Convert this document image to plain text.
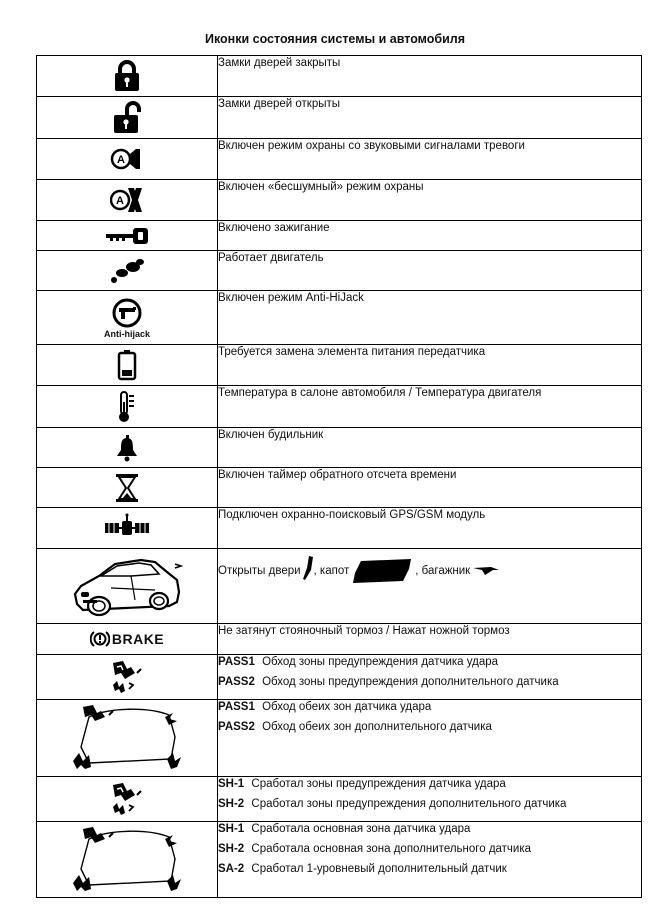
Иконки состояния системы и автомобиля

Замки дверей закрыты

Замки дверей открыты

A	Включен режим охраны со звуковыми сигналами тревоги

A	Включен «бесшумный» режим охраны

Включено зажигание

Работает двигатель

Anti-hijack	Включен режим Anti-HiJack

Требуется замена элемента питания передатчика

Температура в салоне автомобиля / Температура двигателя

Включен будильник

Включен таймер обратного отсчета времени

Подключен охранно-поисковый GPS/GSM модуль

Открыты двери , капот , багажник

BRAKE	Не затянут стояночный тормоз / Нажат ножной тормоз

PASS1 Обход зоны предупреждения датчика удара
PASS2 Обход зоны предупреждения дополнительного датчика

PASS1 Обход обеих зон датчика удара
PASS2 Обход обеих зон дополнительного датчика

SH-1 Сработал зоны предупреждения датчика удара
SH-2 Сработал зоны предупреждения дополнительного датчика

SH-1 Сработала основная зона датчика удара
SH-2 Сработала основная зона дополнительного датчика
SA-2 Сработал 1-уровневый дополнительный датчик
